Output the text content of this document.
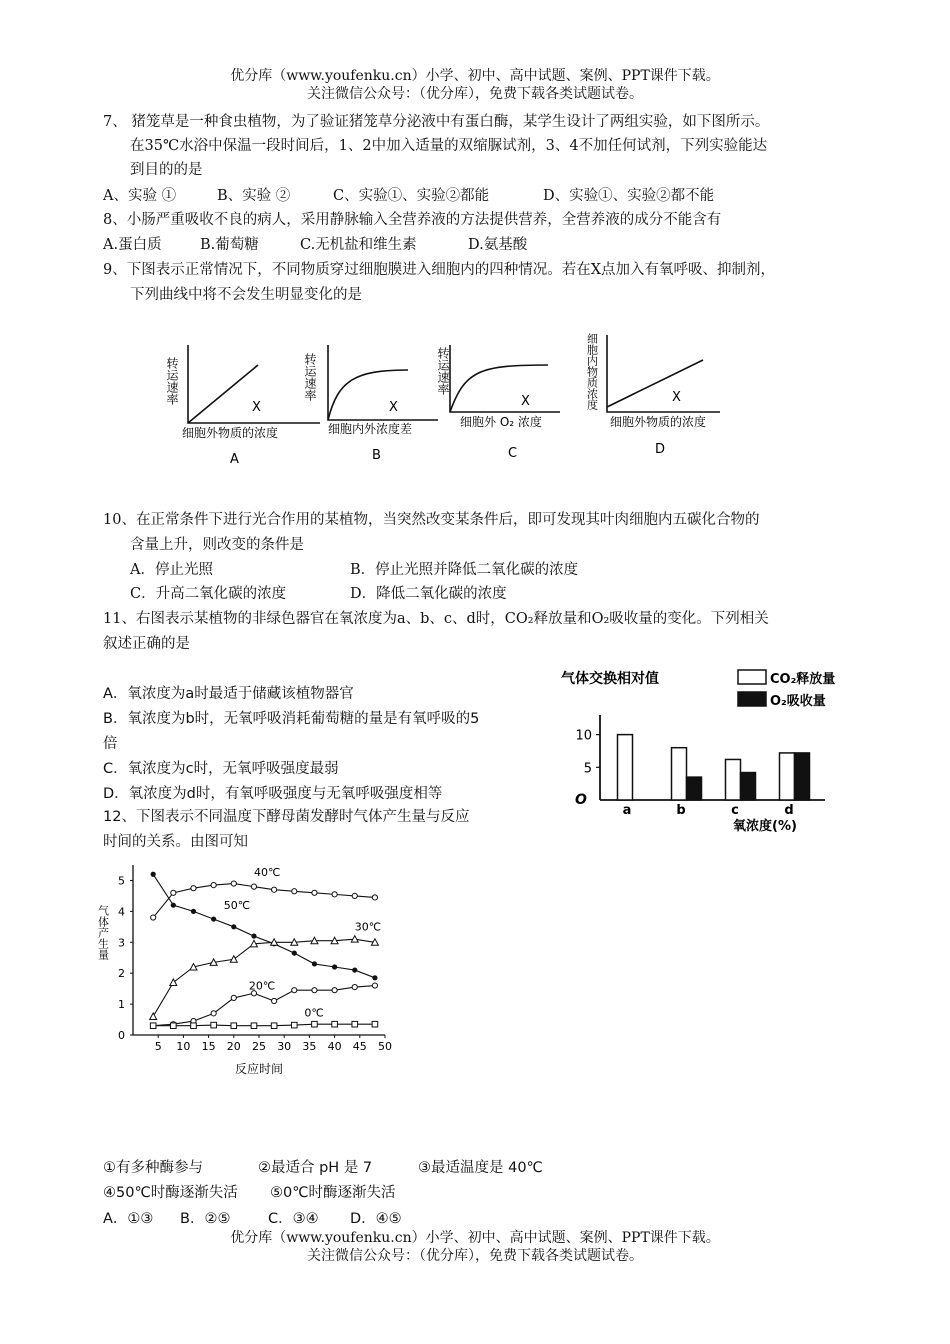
优分库（www.youfenku.cn）小学、初中、高中试题、案例、PPT课件下载。
关注微信公众号：（优分库），免费下载各类试题试卷。
7、 猪笼草是一种食虫植物，为了验证猪笼草分泌液中有蛋白酶，某学生设计了两组实验，如下图所示。
在35℃水浴中保温一段时间后，1、2中加入适量的双缩脲试剂，3、4不加任何试剂，下列实验能达
到目的的是
A、实验 ①	B、实验 ②	C、实验①、实验②都能	D、实验①、实验②都不能
8、小肠严重吸收不良的病人，采用静脉输入全营养液的方法提供营养，全营养液的成分不能含有
A.蛋白质	B.葡萄糖	C.无机盐和维生素	D.氨基酸
9、下图表示正常情况下，不同物质穿过细胞膜进入细胞内的四种情况。若在X点加入有氧呼吸、抑制剂，
下列曲线中将不会发生明显变化的是
转运速率	转运速率	转运速率	细胞内物质浓度
X	X	X	X
细胞外物质的浓度	细胞内外浓度差	细胞外 O₂ 浓度	细胞外物质的浓度
A	B	C	D
10、在正常条件下进行光合作用的某植物，当突然改变某条件后，即可发现其叶肉细胞内五碳化合物的
含量上升，则改变的条件是
A．停止光照	B．停止光照并降低二氧化碳的浓度
C．升高二氧化碳的浓度	D．降低二氧化碳的浓度
11、右图表示某植物的非绿色器官在氧浓度为a、b、c、d时，CO₂释放量和O₂吸收量的变化。下列相关
叙述正确的是
A．氧浓度为a时最适于储藏该植物器官
B．氧浓度为b时，无氧呼吸消耗葡萄糖的量是有氧呼吸的5
倍
C．氧浓度为c时，无氧呼吸强度最弱
D．氧浓度为d时，有氧呼吸强度与无氧呼吸强度相等
气体交换相对值	CO₂释放量
O₂吸收量
O
氧浓度(%)
5
10
a	b	c	d
12、下图表示不同温度下酵母菌发酵时气体产生量与反应
时间的关系。由图可知
气体产生量
反应时间
0
1
2
3
4
5
5 10 15 20 25 30 35 40 45 50
40℃
50℃
30℃
20℃
0℃
①有多种酶参与	②最适合 pH 是 7	③最适温度是 40℃
④50℃时酶逐渐失活 ⑤0℃时酶逐渐失活
A．①③ B．②⑤	C．③④ D．④⑤
优分库（www.youfenku.cn）小学、初中、高中试题、案例、PPT课件下载。
关注微信公众号：（优分库），免费下载各类试题试卷。
